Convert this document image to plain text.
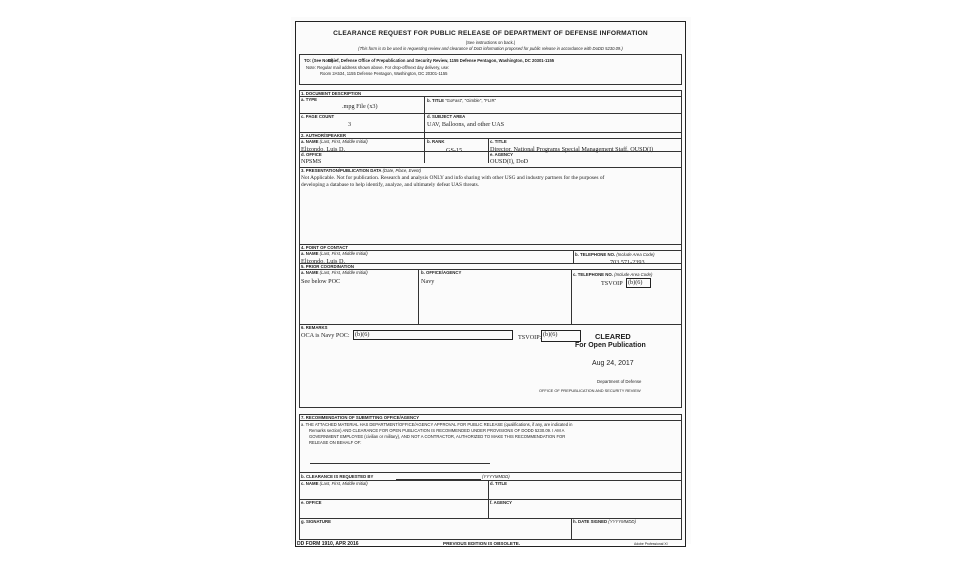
CLEARANCE REQUEST FOR PUBLIC RELEASE OF DEPARTMENT OF DEFENSE INFORMATION
(See instructions on back.)
(This form is to be used in requesting review and clearance of DoD information proposed for public release in accordance with DoDD 5230.09.)
TO: (See Note)
Chief, Defense Office of Prepublication and Security Review, 1155 Defense Pentagon, Washington, DC 20301-1155
Note: Regular mail address shown above. For drop-off/next day delivery, use:
Room 2A534, 1155 Defense Pentagon, Washington, DC 20301-1155
1. DOCUMENT DESCRIPTION
a. TYPE
.mpg File (x3)
b. TITLE "GoFast", "Gimble", "FLIR"
c. PAGE COUNT
3
d. SUBJECT AREA
UAV, Balloons, and other UAS
2. AUTHOR/SPEAKER
a. NAME (Last, First, Middle Initial)
Elizondo, Luis D.
b. RANK
GS-15
c. TITLE
Director, National Programs Special Management Staff, OUSD(I)
d. OFFICE
NPSMS
e. AGENCY
OUSD(I), DoD
3. PRESENTATION/PUBLICATION DATA (Date, Place, Event)
Not Applicable. Not for publication. Research and analysis ONLY and info sharing with other USG and industry partners for the purposes of
developing a database to help identify, analyze, and ultimately defeat UAS threats.
4. POINT OF CONTACT
a. NAME (Last, First, Middle Initial)
Elizondo, Luis D.
b. TELEPHONE NO. (Include Area Code)
703 571-2393
5. PRIOR COORDINATION
a. NAME (Last, First, Middle Initial)
See below POC
b. OFFICE/AGENCY
Navy
c. TELEPHONE NO. (Include Area Code)
TSVOIP (b)(6)
6. REMARKS
OCA is Navy POC: (b)(6)	TSVOIP: (b)(6)	CLEARED
For Open Publication
Aug 24, 2017
Department of Defense
OFFICE OF PREPUBLICATION AND SECURITY REVIEW
7. RECOMMENDATION OF SUBMITTING OFFICE/AGENCY
a. THE ATTACHED MATERIAL HAS DEPARTMENT/OFFICE/AGENCY APPROVAL FOR PUBLIC RELEASE (qualifications, if any, are indicated in
Remarks section) AND CLEARANCE FOR OPEN PUBLICATION IS RECOMMENDED UNDER PROVISIONS OF DODD 5230.09. I AM A
GOVERNMENT EMPLOYEE (civilian or military), AND NOT A CONTRACTOR, AUTHORIZED TO MAKE THIS RECOMMENDATION FOR
RELEASE ON BEHALF OF:
b. CLEARANCE IS REQUESTED BY	(YYYYMMDD)
c. NAME (Last, First, Middle Initial)	d. TITLE
e. OFFICE	f. AGENCY
g. SIGNATURE	h. DATE SIGNED (YYYYMMDD)
DD FORM 1910, APR 2016	PREVIOUS EDITION IS OBSOLETE.	Adobe Professional XI
